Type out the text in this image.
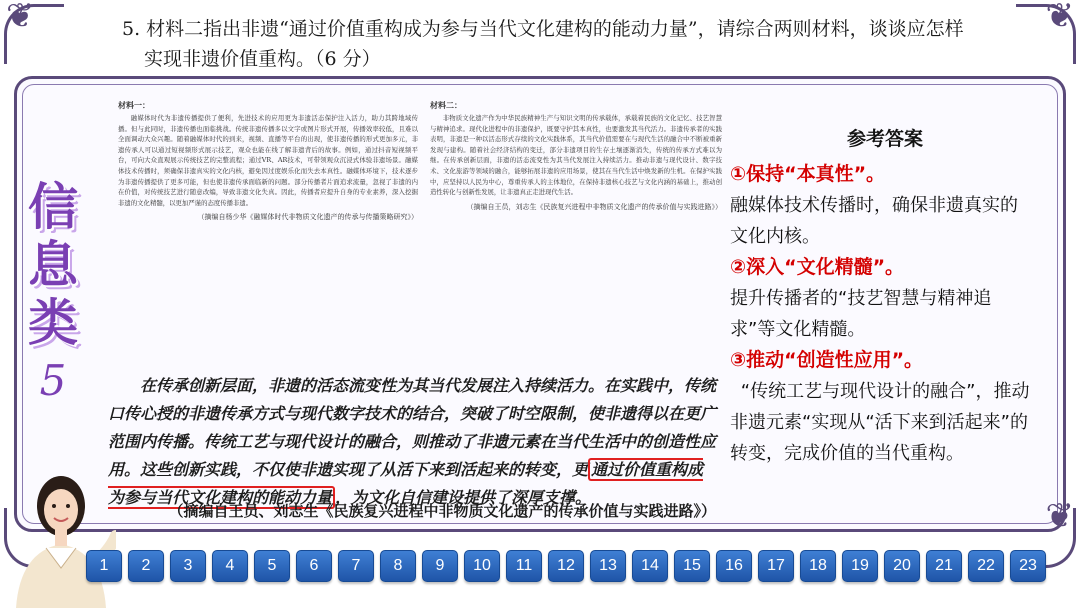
❦	❦
❦
5. 材料二指出非遗“通过价值重构成为参与当代文化建构的能动力量”，请综合两则材料，谈谈应怎样
实现非遗价值重构。（6 分）
信
息
类
5
材料一：
融媒体时代为非遗传播提供了便利，先进技术的应用更为非遗活态保护注入活力，助力其跨地域传播。但与此同时，非遗传播也面临挑战。传统非遗传播多以文字或图片形式开展，传播效率较低，且难以全面调动大众兴趣。随着融媒体时代的到来，视频、直播等平台的出现，使非遗传播的形式更加多元，非遗传承人可以通过短视频形式展示技艺，观众也能在线了解非遗背后的故事。例如，通过抖音短视频平台，可向大众直观展示传统技艺的完整流程；通过VR、AR技术，可带领观众沉浸式体验非遗场景。融媒体技术传播时，须确保非遗真实的文化内核，避免因过度娱乐化而失去本真性。融媒体环境下，技术逐步为非遗传播提供了更多可能，但也使非遗传承面临新的问题。部分传播者片面追求流量，忽视了非遗的内在价值，对传统技艺进行随意改编，导致非遗文化失真。因此，传播者应提升自身的专业素养，深入挖掘非遗的文化精髓，以更加严谨的态度传播非遗。
（摘编自杨少华《融媒体时代非物质文化遗产的传承与传播策略研究》）
材料二：
非物质文化遗产作为中华民族精神生产与知识文明的传承载体，承载着民族的文化记忆、技艺智慧与精神追求。现代化进程中的非遗保护，既要守护其本真性，也要激发其当代活力。非遗传承者的实践表明，非遗是一种以活态形式存续的文化实践体系，其当代价值需要在与现代生活的融合中不断被重新发现与建构。随着社会经济结构的变迁，部分非遗项目的生存土壤逐渐消失，传统的传承方式难以为继。在传承创新层面，非遗的活态流变性为其当代发展注入持续活力。推动非遗与现代设计、数字技术、文化旅游等领域的融合，能够拓展非遗的应用场景，使其在当代生活中焕发新的生机。在保护实践中，应坚持以人民为中心，尊重传承人的主体地位，在保持非遗核心技艺与文化内涵的基础上，推动创造性转化与创新性发展，让非遗真正走进现代生活。
（摘编自王员，刘志生《民族复兴进程中非物质文化遗产的传承价值与实践进路》）
在传承创新层面，非遗的活态流变性为其当代发展注入持续活力。在实践中，传统口传心授的非遗传承方式与现代数字技术的结合，突破了时空限制，使非遗得以在更广范围内传播。传统工艺与现代设计的融合，则推动了非遗元素在当代生活中的创造性应用。这些创新实践，不仅使非遗实现了从活下来到活起来的转变，更 通过价值重构成为参与当代文化建构的能动力量 ，为文化自信建设提供了深厚支撑。
（摘编自王员、刘志生《民族复兴进程中非物质文化遗产的传承价值与实践进路》）
参考答案
①保持“本真性”。
融媒体技术传播时，确保非遗真实的文化内核。
②深入“文化精髓”。
提升传播者的“技艺智慧与精神追求”等文化精髓。
③推动“创造性应用”。
“传统工艺与现代设计的融合”，推动非遗元素“实现从“活下来到活起来”的转变，完成价值的当代重构。
1	2	3	4	5	6	7	8	9	10	11	12	13	14	15	16	17	18	19	20	21	22	23
